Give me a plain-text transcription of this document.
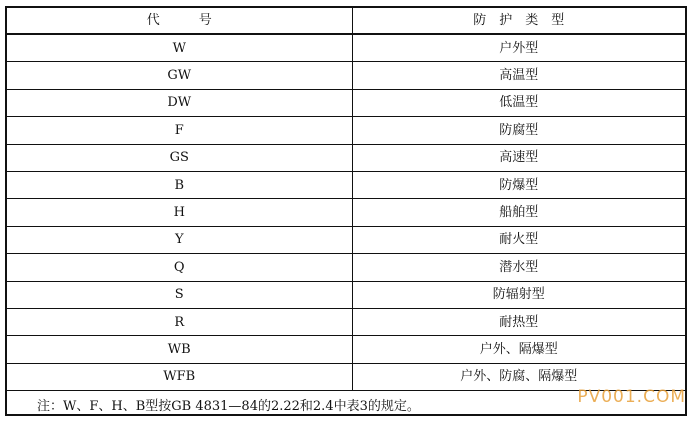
代　　　号	防　护　类　型
W	户外型
GW	高温型
DW	低温型
F	防腐型
GS	高速型
B	防爆型
H	船舶型
Y	耐火型
Q	潜水型
S	防辐射型
R	耐热型
WB	户外、隔爆型
WFB	户外、防腐、隔爆型
注：W、F、H、B型按GB 4831—84的2.22和2.4中表3的规定。		PV001.COM
